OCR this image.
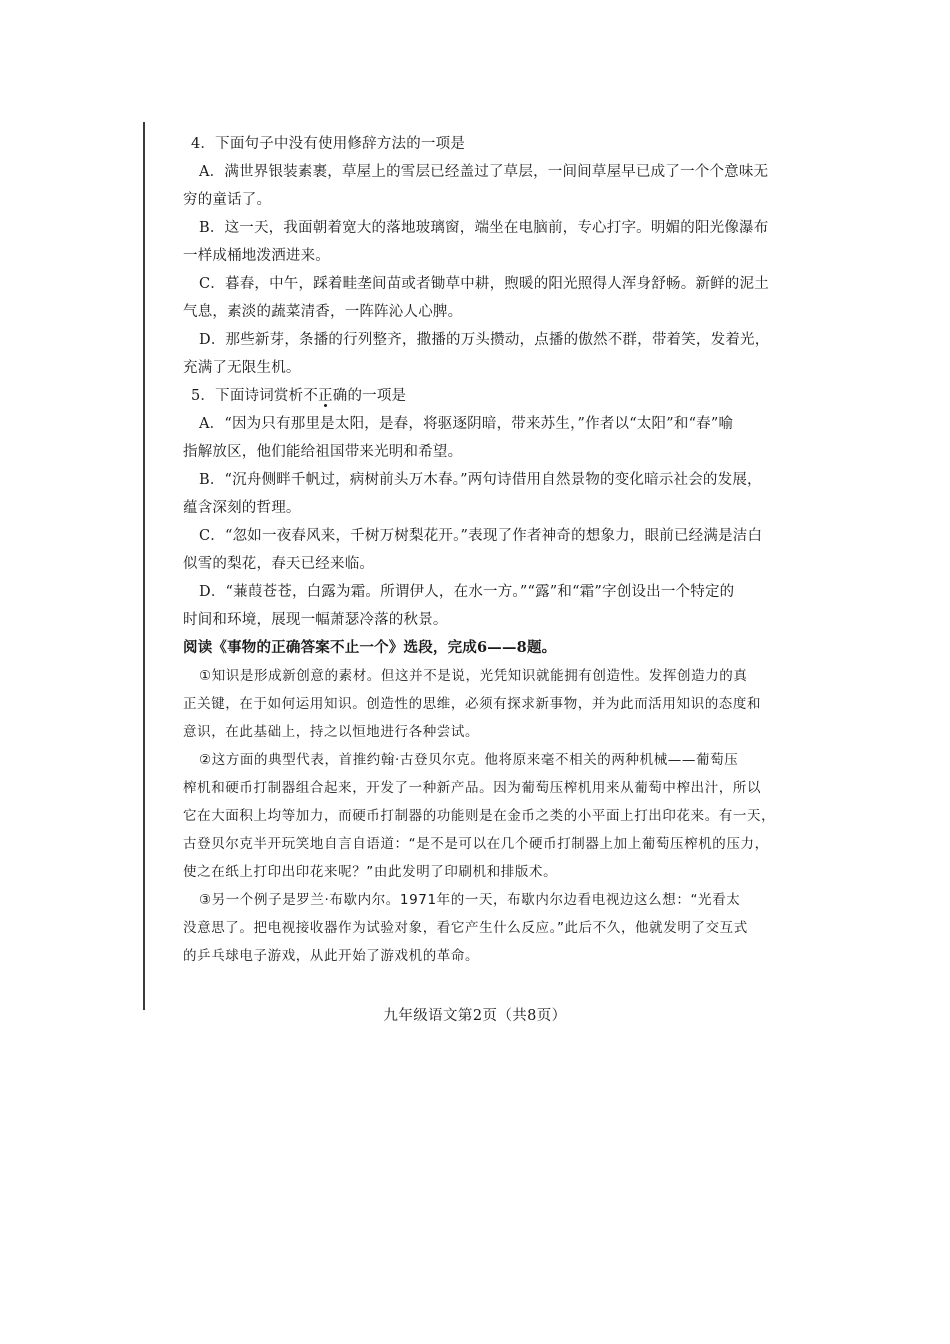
4．下面句子中没有使用修辞方法的一项是
A．满世界银装素裹，草屋上的雪层已经盖过了草层，一间间草屋早已成了一个个意味无
穷的童话了。
B．这一天，我面朝着宽大的落地玻璃窗，端坐在电脑前，专心打字。明媚的阳光像瀑布
一样成桶地泼洒进来。
C．暮春，中午，踩着畦垄间苗或者锄草中耕，煦暖的阳光照得人浑身舒畅。新鲜的泥土
气息，素淡的蔬菜清香，一阵阵沁人心脾。
D．那些新芽，条播的行列整齐，撒播的万头攒动，点播的傲然不群，带着笑，发着光，
充满了无限生机。
5．下面诗词赏析不正确的一项是
A．“因为只有那里是太阳，是春，将驱逐阴暗，带来苏生，”作者以“太阳”和“春”喻
指解放区，他们能给祖国带来光明和希望。
B．“沉舟侧畔千帆过，病树前头万木春。”两句诗借用自然景物的变化暗示社会的发展，
蕴含深刻的哲理。
C．“忽如一夜春风来，千树万树梨花开。”表现了作者神奇的想象力，眼前已经满是洁白
似雪的梨花，春天已经来临。
D．“蒹葭苍苍，白露为霜。所谓伊人，在水一方。”“露”和“霜”字创设出一个特定的
时间和环境，展现一幅萧瑟冷落的秋景。
阅读《事物的正确答案不止一个》选段，完成6——8题。
①知识是形成新创意的素材。但这并不是说，光凭知识就能拥有创造性。发挥创造力的真
正关键，在于如何运用知识。创造性的思维，必须有探求新事物，并为此而活用知识的态度和
意识，在此基础上，持之以恒地进行各种尝试。
②这方面的典型代表，首推约翰·古登贝尔克。他将原来毫不相关的两种机械——葡萄压
榨机和硬币打制器组合起来，开发了一种新产品。因为葡萄压榨机用来从葡萄中榨出汁，所以
它在大面积上均等加力，而硬币打制器的功能则是在金币之类的小平面上打出印花来。有一天，
古登贝尔克半开玩笑地自言自语道：“是不是可以在几个硬币打制器上加上葡萄压榨机的压力，
使之在纸上打印出印花来呢？”由此发明了印刷机和排版术。
③另一个例子是罗兰·布歇内尔。1971年的一天，布歇内尔边看电视边这么想：“光看太
没意思了。把电视接收器作为试验对象，看它产生什么反应。”此后不久，他就发明了交互式
的乒乓球电子游戏，从此开始了游戏机的革命。
九年级语文第2页（共8页）
